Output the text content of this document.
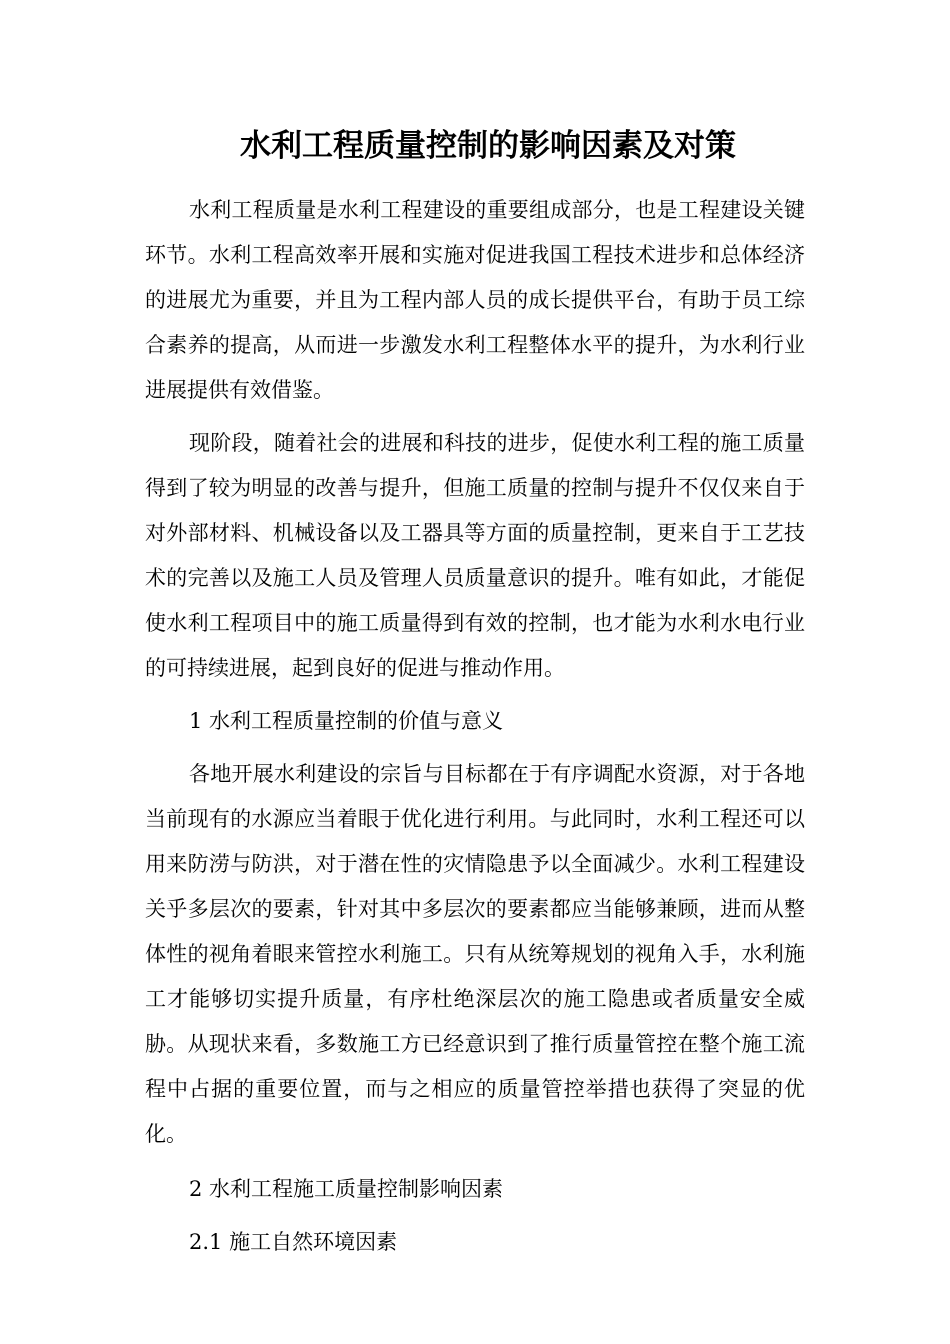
水利工程质量控制的影响因素及对策

水利工程质量是水利工程建设的重要组成部分，也是工程建设关键环节。水利工程高效率开展和实施对促进我国工程技术进步和总体经济的进展尤为重要，并且为工程内部人员的成长提供平台，有助于员工综合素养的提高，从而进一步激发水利工程整体水平的提升，为水利行业进展提供有效借鉴。

现阶段，随着社会的进展和科技的进步，促使水利工程的施工质量得到了较为明显的改善与提升，但施工质量的控制与提升不仅仅来自于对外部材料、机械设备以及工器具等方面的质量控制，更来自于工艺技术的完善以及施工人员及管理人员质量意识的提升。唯有如此，才能促使水利工程项目中的施工质量得到有效的控制，也才能为水利水电行业的可持续进展，起到良好的促进与推动作用。

1 水利工程质量控制的价值与意义

各地开展水利建设的宗旨与目标都在于有序调配水资源，对于各地当前现有的水源应当着眼于优化进行利用。与此同时，水利工程还可以用来防涝与防洪，对于潜在性的灾情隐患予以全面减少。水利工程建设关乎多层次的要素，针对其中多层次的要素都应当能够兼顾，进而从整体性的视角着眼来管控水利施工。只有从统筹规划的视角入手，水利施工才能够切实提升质量，有序杜绝深层次的施工隐患或者质量安全威胁。从现状来看，多数施工方已经意识到了推行质量管控在整个施工流程中占据的重要位置，而与之相应的质量管控举措也获得了突显的优化。

2 水利工程施工质量控制影响因素
2.1 施工自然环境因素
